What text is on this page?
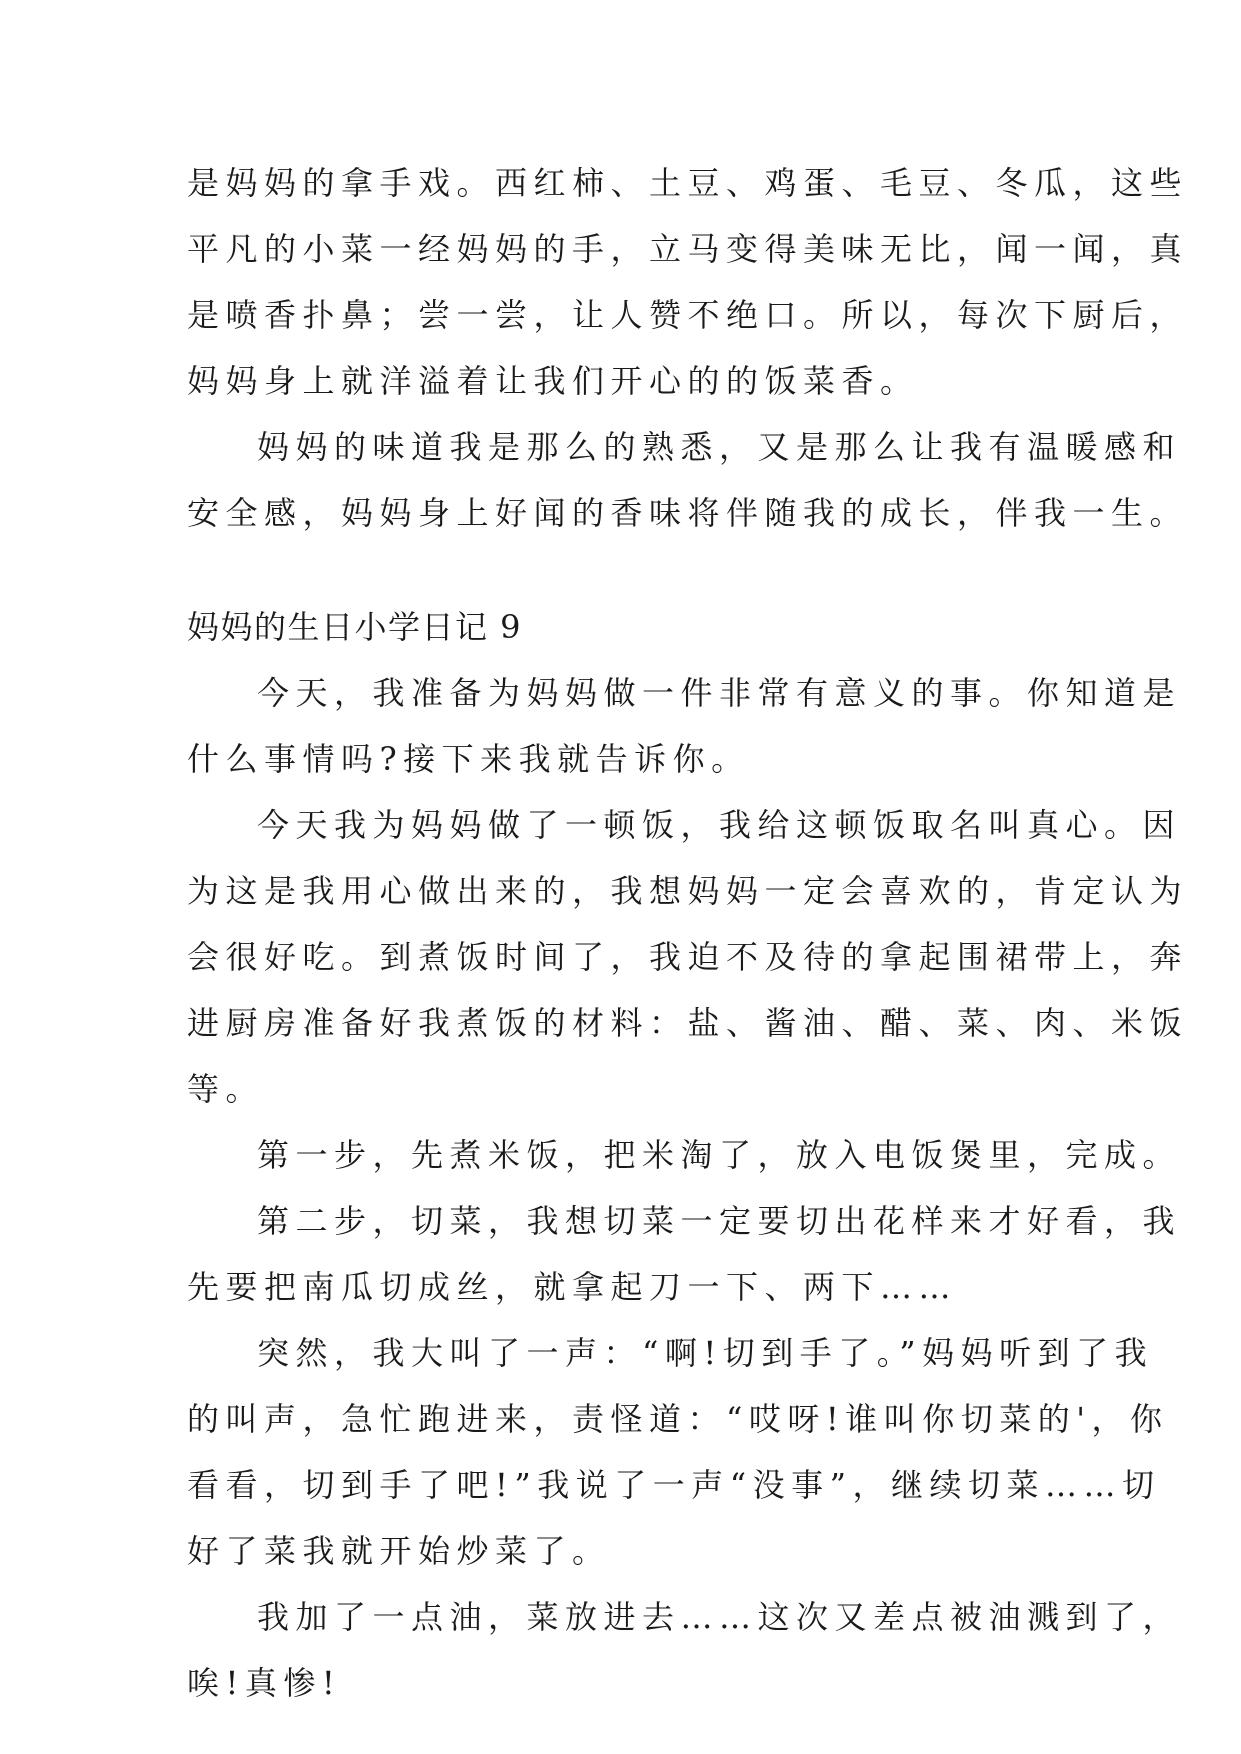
是妈妈的拿手戏。西红柿、土豆、鸡蛋、毛豆、冬瓜，这些
平凡的小菜一经妈妈的手，立马变得美味无比，闻一闻，真
是喷香扑鼻；尝一尝，让人赞不绝口。所以，每次下厨后，
妈妈身上就洋溢着让我们开心的的饭菜香。
妈妈的味道我是那么的熟悉，又是那么让我有温暖感和
安全感，妈妈身上好闻的香味将伴随我的成长，伴我一生。
妈妈的生日小学日记 9
今天，我准备为妈妈做一件非常有意义的事。你知道是
什么事情吗?接下来我就告诉你。
今天我为妈妈做了一顿饭，我给这顿饭取名叫真心。因
为这是我用心做出来的，我想妈妈一定会喜欢的，肯定认为
会很好吃。到煮饭时间了，我迫不及待的拿起围裙带上，奔
进厨房准备好我煮饭的材料：盐、酱油、醋、菜、肉、米饭
等。
第一步，先煮米饭，把米淘了，放入电饭煲里，完成。
第二步，切菜，我想切菜一定要切出花样来才好看，我
先要把南瓜切成丝，就拿起刀一下、两下……
突然，我大叫了一声：“啊!切到手了。”妈妈听到了我
的叫声，急忙跑进来，责怪道：“哎呀!谁叫你切菜的'，你
看看，切到手了吧!”我说了一声“没事”，继续切菜……切
好了菜我就开始炒菜了。
我加了一点油，菜放进去……这次又差点被油溅到了，
唉!真惨!
